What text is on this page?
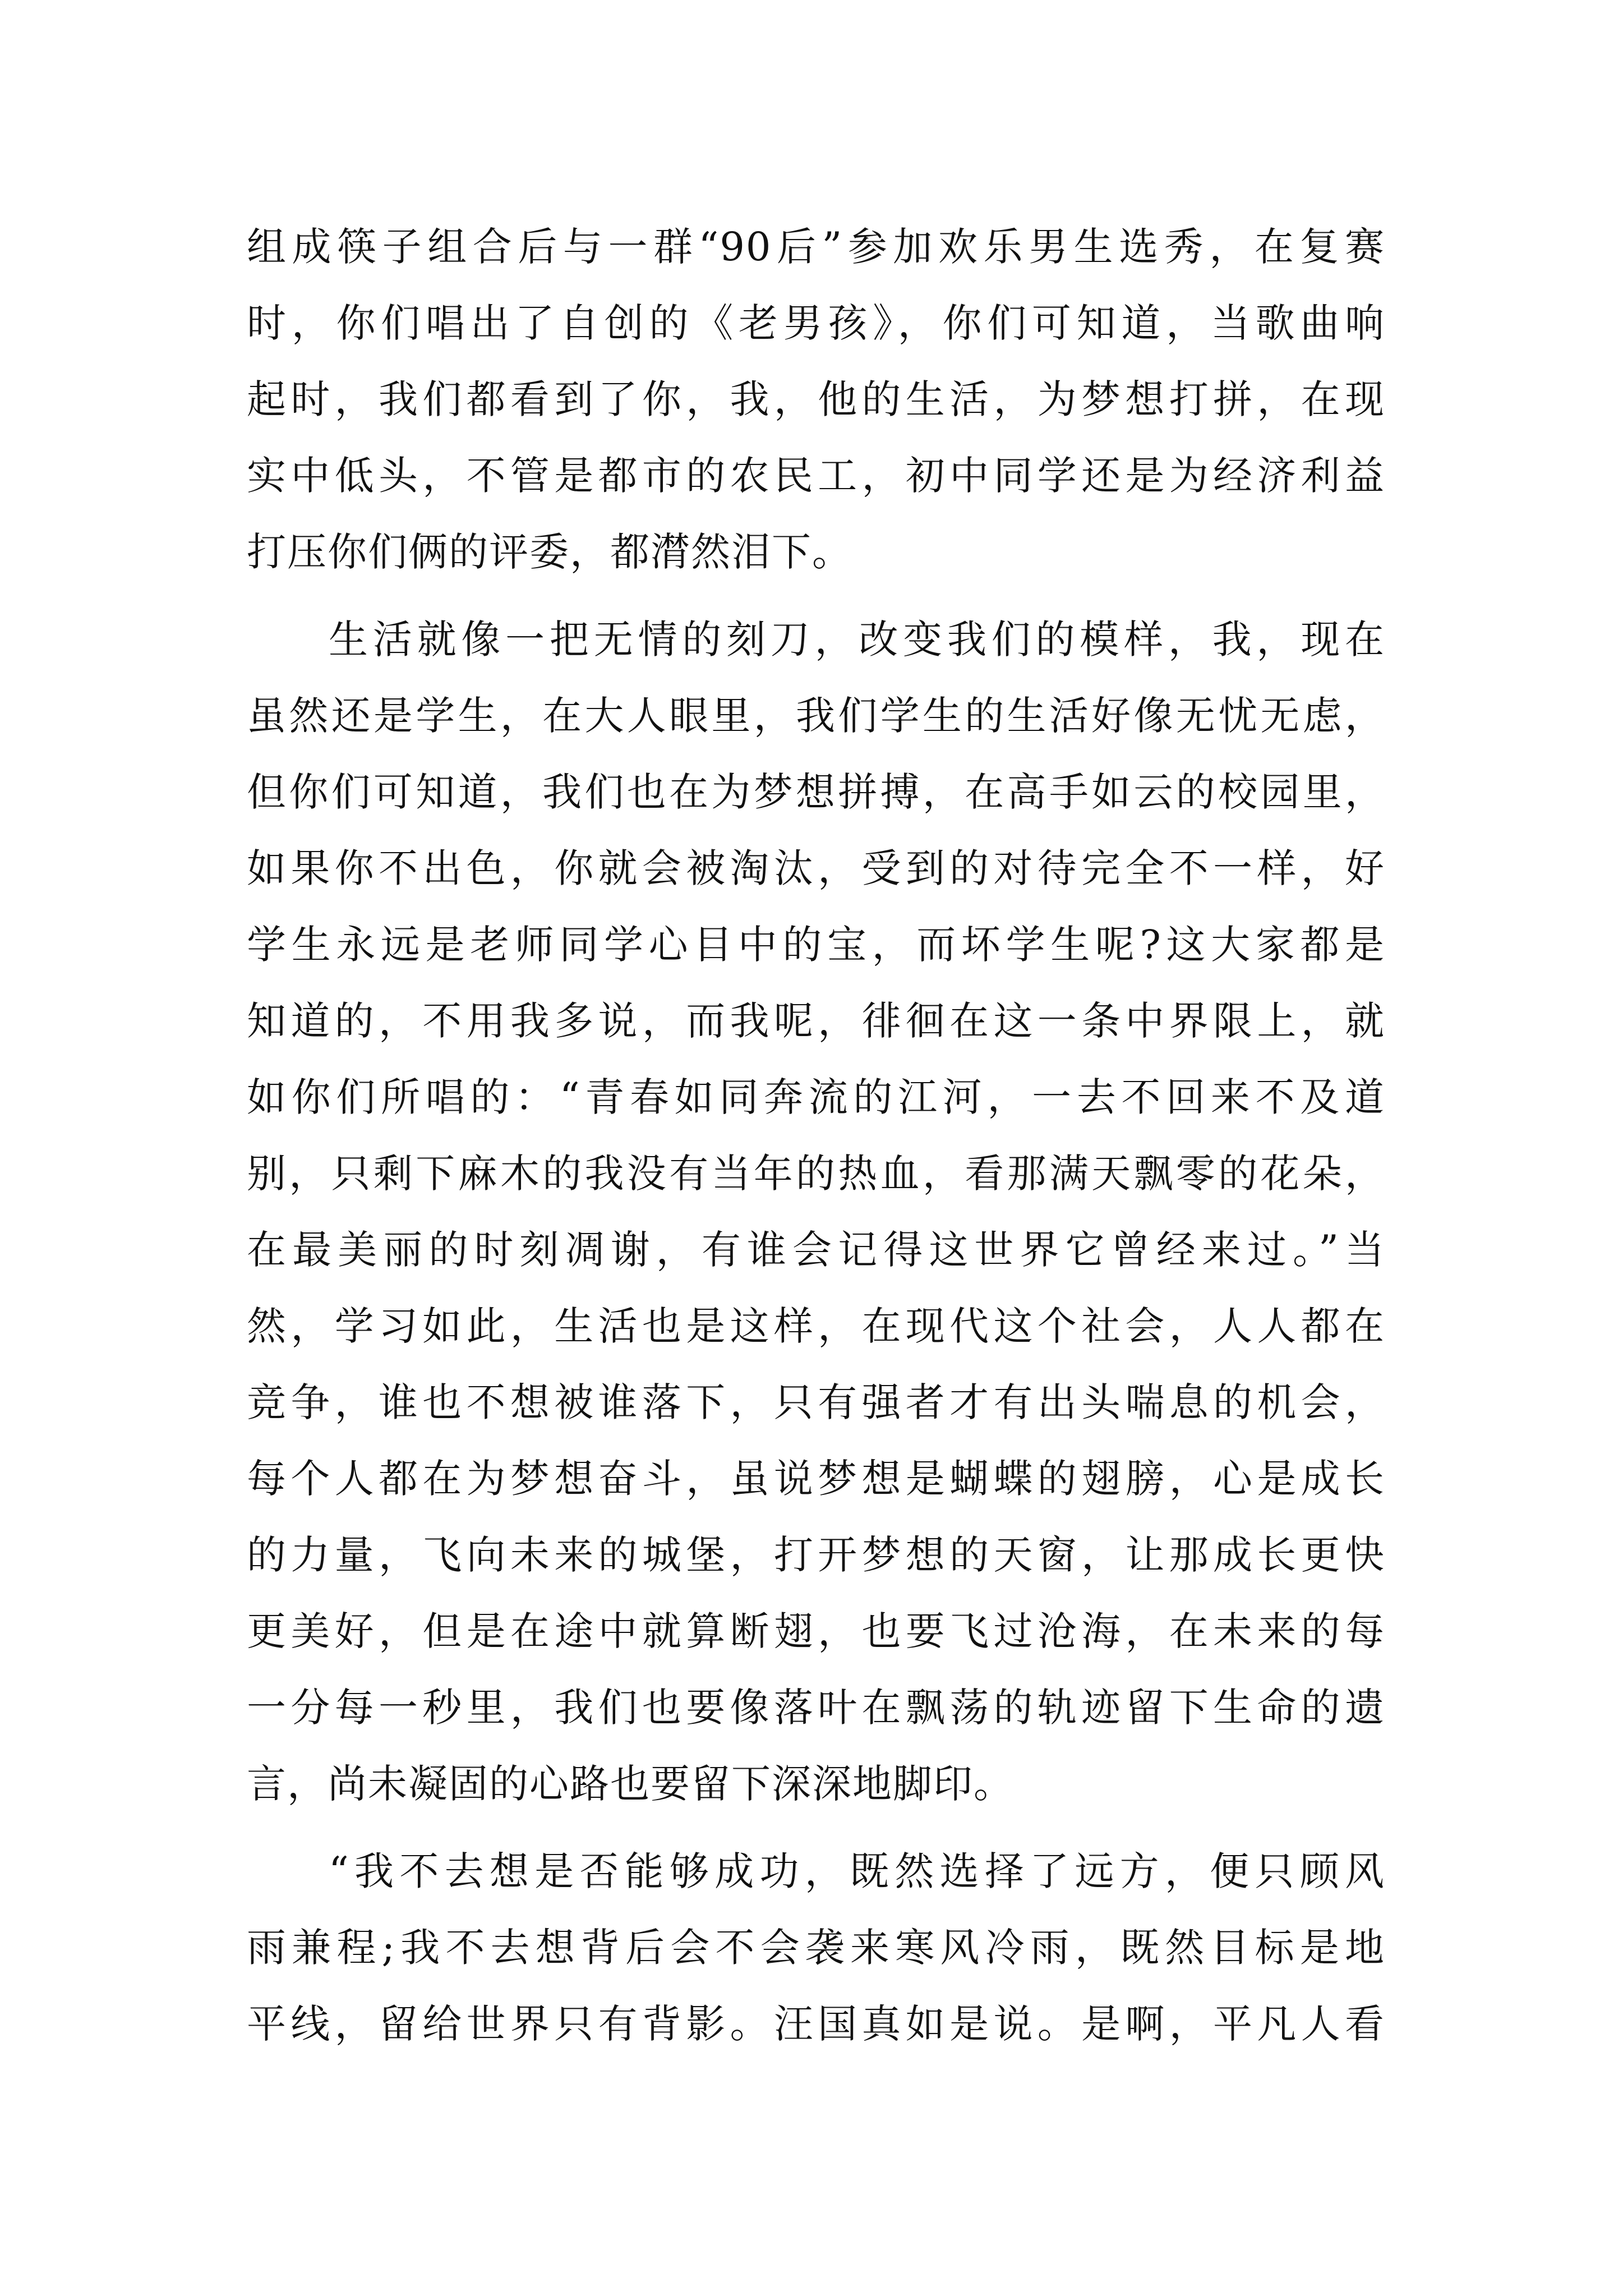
组成筷子组合后与一群“90后”参加欢乐男生选秀，在复赛
时，你们唱出了自创的《老男孩》，你们可知道，当歌曲响
起时，我们都看到了你，我，他的生活，为梦想打拼，在现
实中低头，不管是都市的农民工，初中同学还是为经济利益
打压你们俩的评委，都潸然泪下。
生活就像一把无情的刻刀，改变我们的模样，我，现在
虽然还是学生，在大人眼里，我们学生的生活好像无忧无虑，
但你们可知道，我们也在为梦想拼搏，在高手如云的校园里，
如果你不出色，你就会被淘汰，受到的对待完全不一样，好
学生永远是老师同学心目中的宝，而坏学生呢?这大家都是
知道的，不用我多说，而我呢，徘徊在这一条中界限上，就
如你们所唱的：“青春如同奔流的江河，一去不回来不及道
别，只剩下麻木的我没有当年的热血，看那满天飘零的花朵，
在最美丽的时刻凋谢，有谁会记得这世界它曾经来过。”当
然，学习如此，生活也是这样，在现代这个社会，人人都在
竞争，谁也不想被谁落下，只有强者才有出头喘息的机会，
每个人都在为梦想奋斗，虽说梦想是蝴蝶的翅膀，心是成长
的力量，飞向未来的城堡，打开梦想的天窗，让那成长更快
更美好，但是在途中就算断翅，也要飞过沧海，在未来的每
一分每一秒里，我们也要像落叶在飘荡的轨迹留下生命的遗
言，尚未凝固的心路也要留下深深地脚印。
“我不去想是否能够成功，既然选择了远方，便只顾风
雨兼程;我不去想背后会不会袭来寒风冷雨，既然目标是地
平线，留给世界只有背影。汪国真如是说。是啊，平凡人看
